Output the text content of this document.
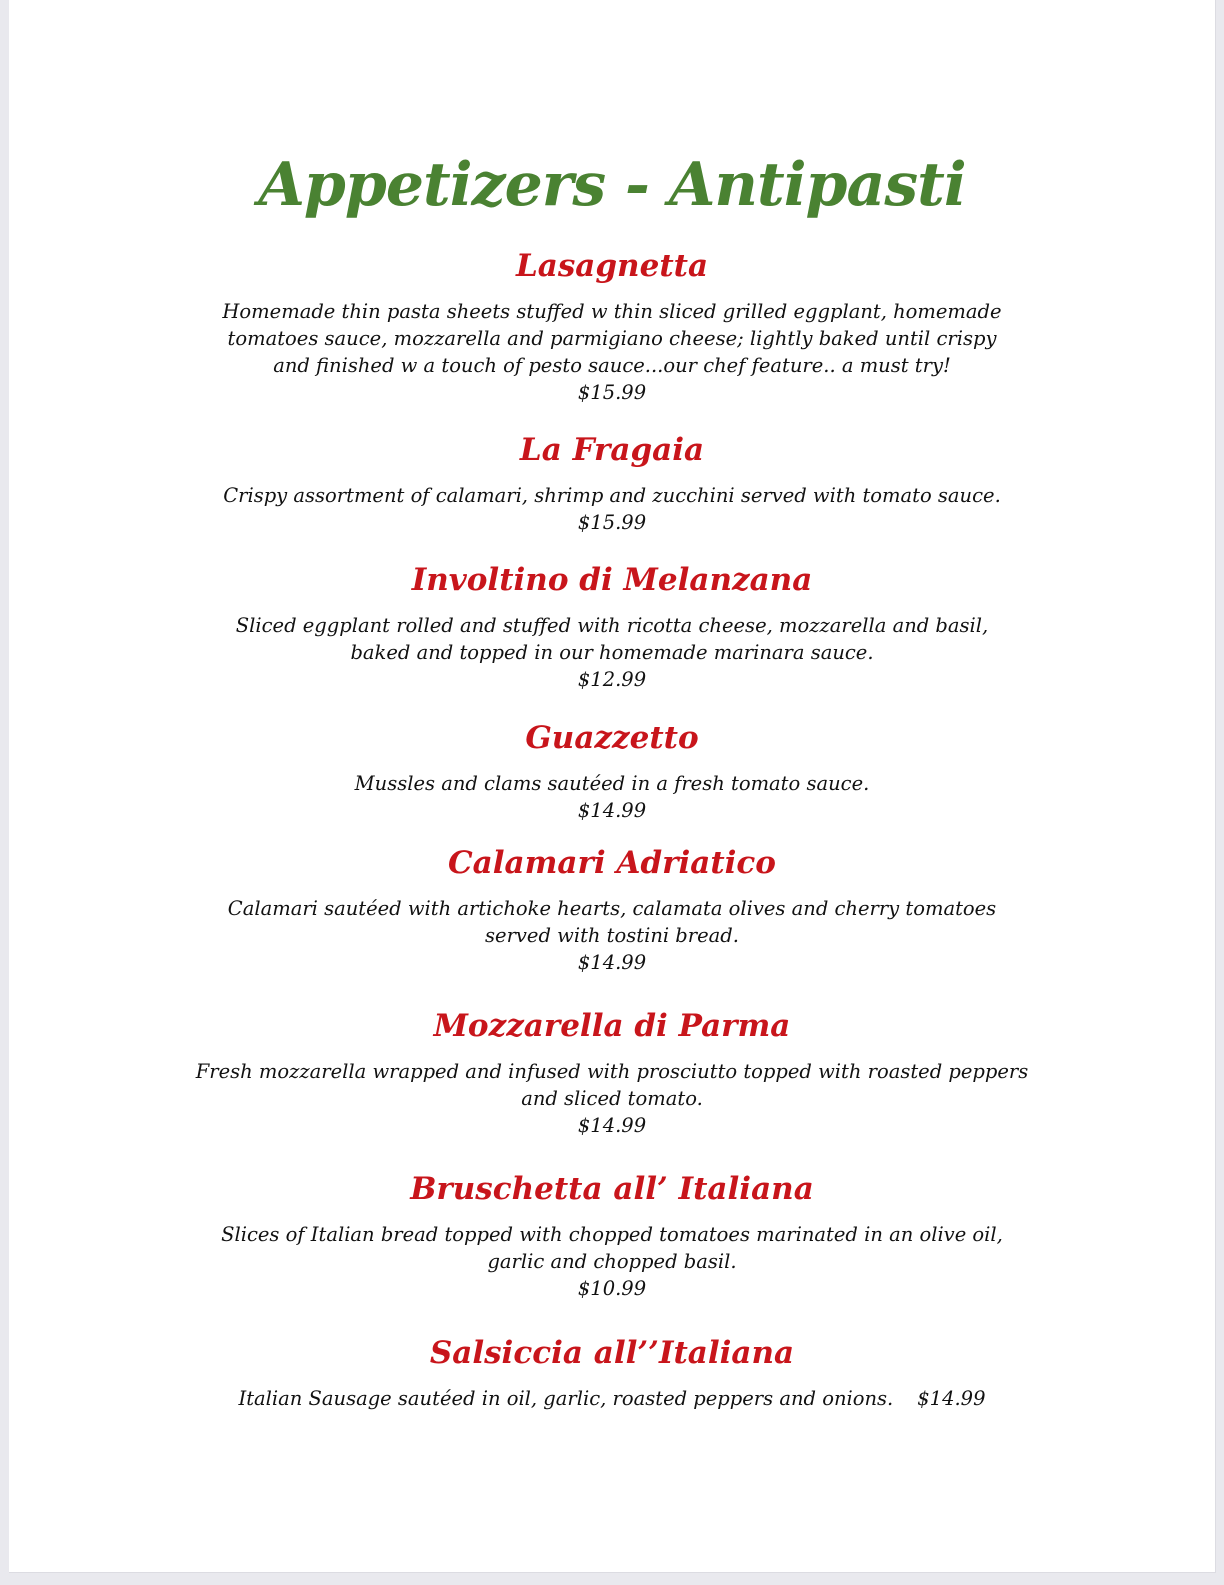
Appetizers - Antipasti
Lasagnetta
Homemade thin pasta sheets stuffed w thin sliced grilled eggplant, homemade
tomatoes sauce, mozzarella and parmigiano cheese; lightly baked until crispy
and finished w a touch of pesto sauce...our chef feature.. a must try!
$15.99
La Fragaia
Crispy assortment of calamari, shrimp and zucchini served with tomato sauce.
$15.99
Involtino di Melanzana
Sliced eggplant rolled and stuffed with ricotta cheese, mozzarella and basil,
baked and topped in our homemade marinara sauce.
$12.99
Guazzetto
Mussles and clams sautéed in a fresh tomato sauce.
$14.99
Calamari Adriatico
Calamari sautéed with artichoke hearts, calamata olives and cherry tomatoes
served with tostini bread.
$14.99
Mozzarella di Parma
Fresh mozzarella wrapped and infused with prosciutto topped with roasted peppers
and sliced tomato.
$14.99
Bruschetta all’ Italiana
Slices of Italian bread topped with chopped tomatoes marinated in an olive oil,
garlic and chopped basil.
$10.99
Salsiccia all’’Italiana
Italian Sausage sautéed in oil, garlic, roasted peppers and onions. $14.99
